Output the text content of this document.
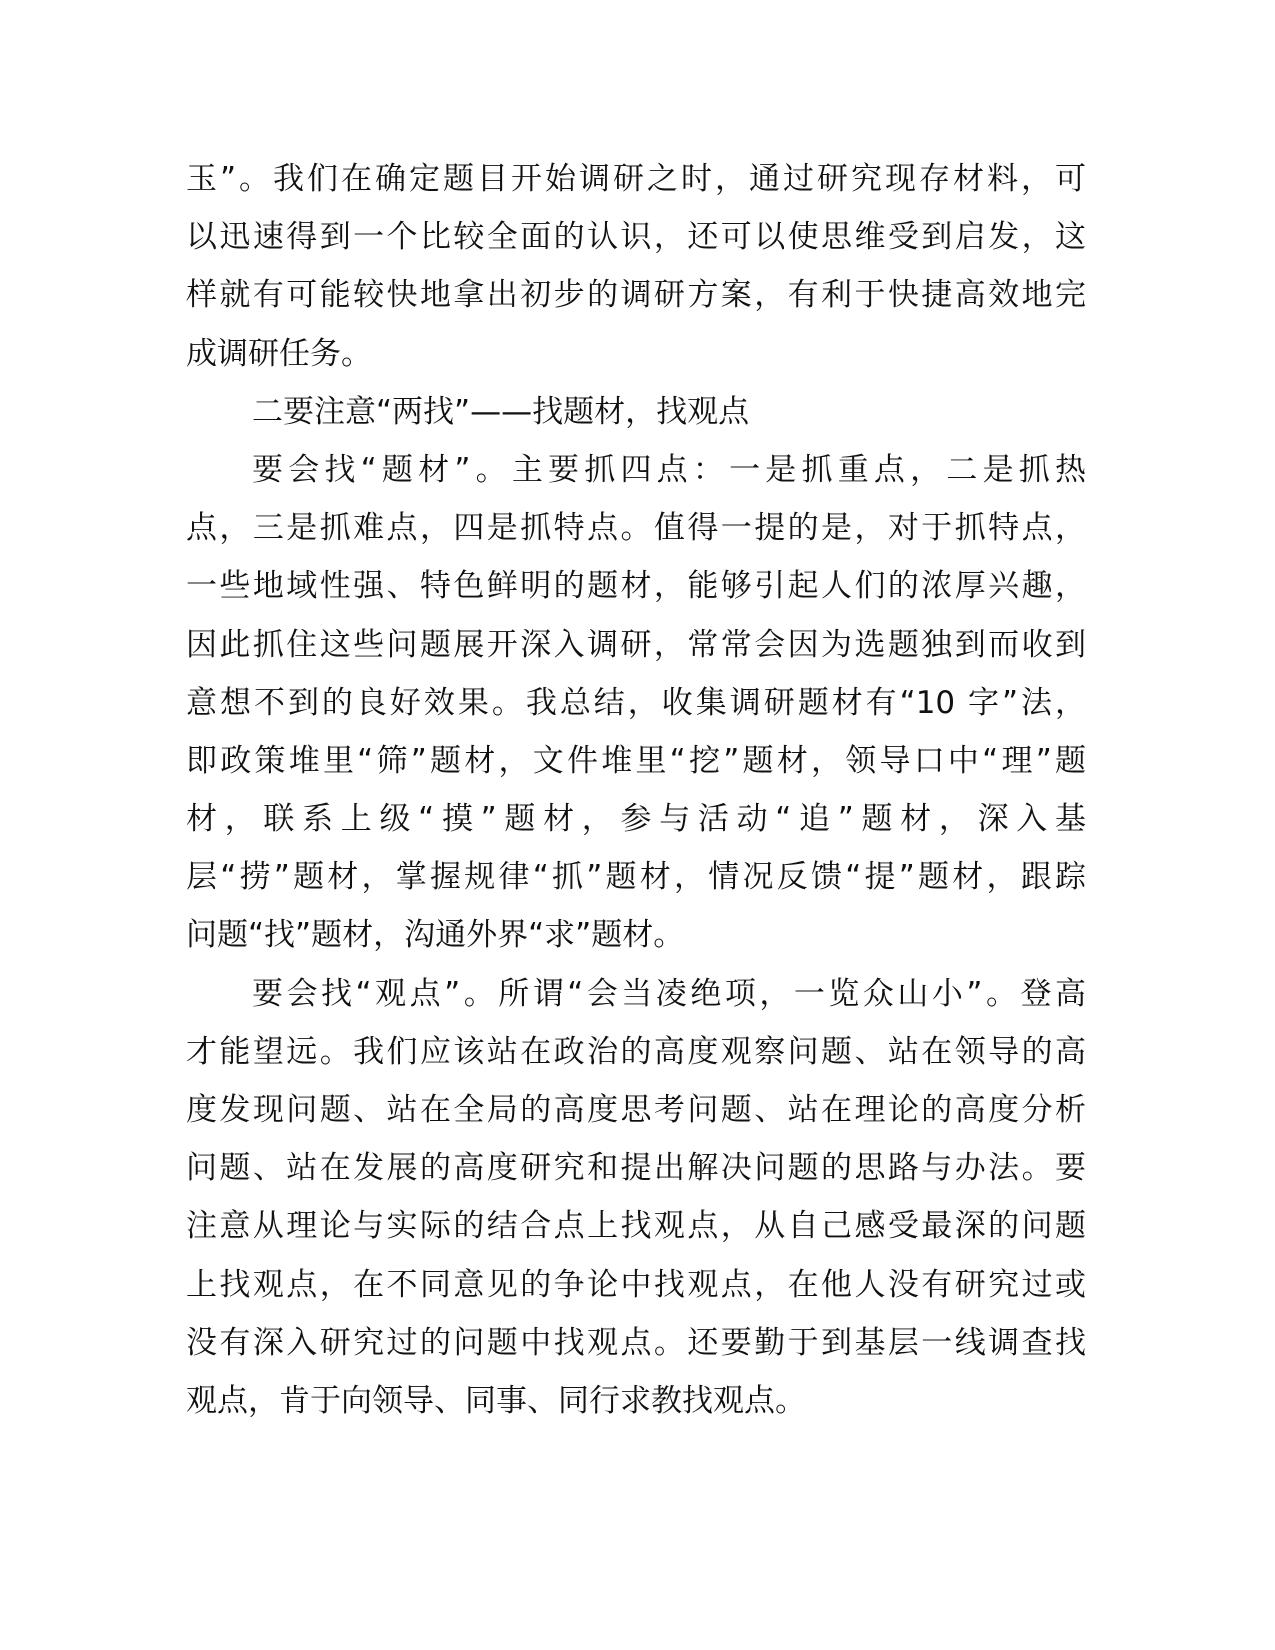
玉”。我们在确定题目开始调研之时，通过研究现存材料，可
以迅速得到一个比较全面的认识，还可以使思维受到启发，这
样就有可能较快地拿出初步的调研方案，有利于快捷高效地完
成调研任务。
二要注意“两找”——找题材，找观点
要会找“题材”。主要抓四点：一是抓重点，二是抓热
点，三是抓难点，四是抓特点。值得一提的是，对于抓特点，
一些地域性强、特色鲜明的题材，能够引起人们的浓厚兴趣，
因此抓住这些问题展开深入调研，常常会因为选题独到而收到
意想不到的良好效果。我总结，收集调研题材有“10 字”法，
即政策堆里“筛”题材，文件堆里“挖”题材，领导口中“理”题
材，联系上级“摸”题材，参与活动“追”题材，深入基
层“捞”题材，掌握规律“抓”题材，情况反馈“提”题材，跟踪
问题“找”题材，沟通外界“求”题材。
要会找“观点”。所谓“会当凌绝项，一览众山小”。登高
才能望远。我们应该站在政治的高度观察问题、站在领导的高
度发现问题、站在全局的高度思考问题、站在理论的高度分析
问题、站在发展的高度研究和提出解决问题的思路与办法。要
注意从理论与实际的结合点上找观点，从自己感受最深的问题
上找观点，在不同意见的争论中找观点，在他人没有研究过或
没有深入研究过的问题中找观点。还要勤于到基层一线调查找
观点，肯于向领导、同事、同行求教找观点。
